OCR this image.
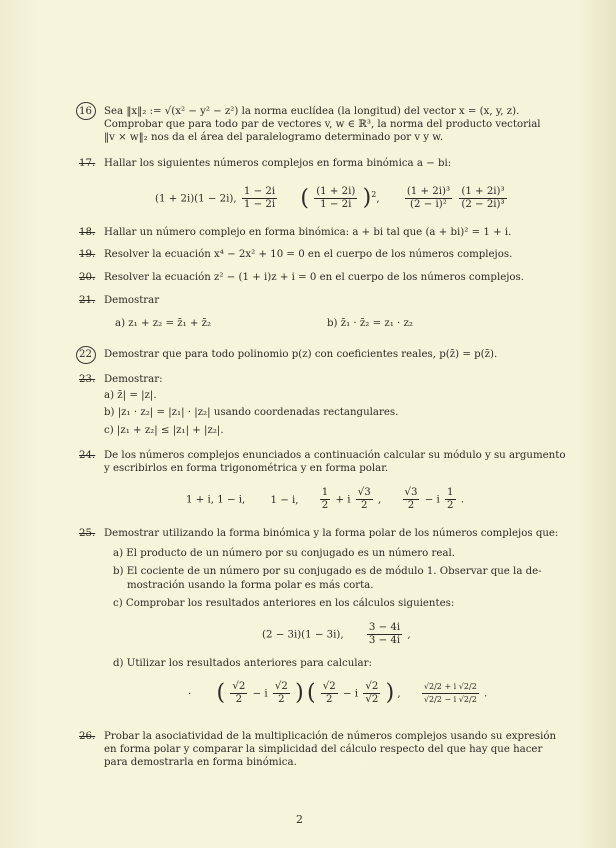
16	Sea ‖x‖₂ := √(x² − y² − z²) la norma euclídea (la longitud) del vector x = (x, y, z).
Comprobar que para todo par de vectores v, w ∈ ℝ³, la norma del producto vectorial
‖v × w‖₂ nos da el área del paralelogramo determinado por v y w.
17. Hallar los siguientes números complejos en forma binómica a − bi:
(1 + 2i)(1 − 2i), $\frac{1 - 2i}{1 - 2i}$ ( $\frac{(1 + 2i)}{1 - 2i} )^2$, $\frac{\text{(1 + 2i)³}}{\text{(2 − i)²}}$
$\frac{\text{(1 + 2i)³}}{\text{(2 − 2i)³}}$
18. Hallar un número complejo en forma binómica: a + bi tal que (a + bi)² = 1 + i.
19. Resolver la ecuación x⁴ − 2x² + 10 = 0 en el cuerpo de los números complejos.
20. Resolver la ecuación z² − (1 + i)z + i = 0 en el cuerpo de los números complejos.
21. Demostrar
a) z₁ + z₂ = z̄₁ + z̄₂	b) z̄₁ · z̄₂ = z₁ · z₂
22	Demostrar que para todo polinomio p(z) con coeficientes reales, p(z̄) = p(z̄).
23. Demostrar:
a) z̄| = |z|.
b) |z₁ · z₂| = |z₁| · |z₂| usando coordenadas rectangulares.
c) |z₁ + z₂| ≤ |z₁| + |z₂|.
24. De los números complejos enunciados a continuación calcular su módulo y su argumento
y escribirlos en forma trigonométrica y en forma polar.
1 + i, 1 − i, 1 − i, $\frac{1}{2} + i \frac{√3}{2}$ , $\frac{√3}{2} - i \frac{1}{2}$ .
25. Demostrar utilizando la forma binómica y la forma polar de los números complejos que:
a) El producto de un número por su conjugado es un número real.
b) El cociente de un número por su conjugado es de módulo 1. Observar que la de-
mostración usando la forma polar es más corta.
c) Comprobar los resultados anteriores en los cálculos siguientes:
(2 − 3i)(1 − 3i), $\frac{3 - 4i}{3 - 4i}$ ,
d) Utilizar los resultados anteriores para calcular:
· ( $\frac{√2}{2} - i \frac{√2}{2}$ ) ( $\frac{√2}{2} - i \frac{√2}{√2}$ ) ,	$\frac{√2/2 + i √2/2}{√2/2 - i √2/2}$ .
26. Probar la asociatividad de la multiplicación de números complejos usando su expresión
en forma polar y comparar la simplicidad del cálculo respecto del que hay que hacer
para demostrarla en forma binómica.
2
